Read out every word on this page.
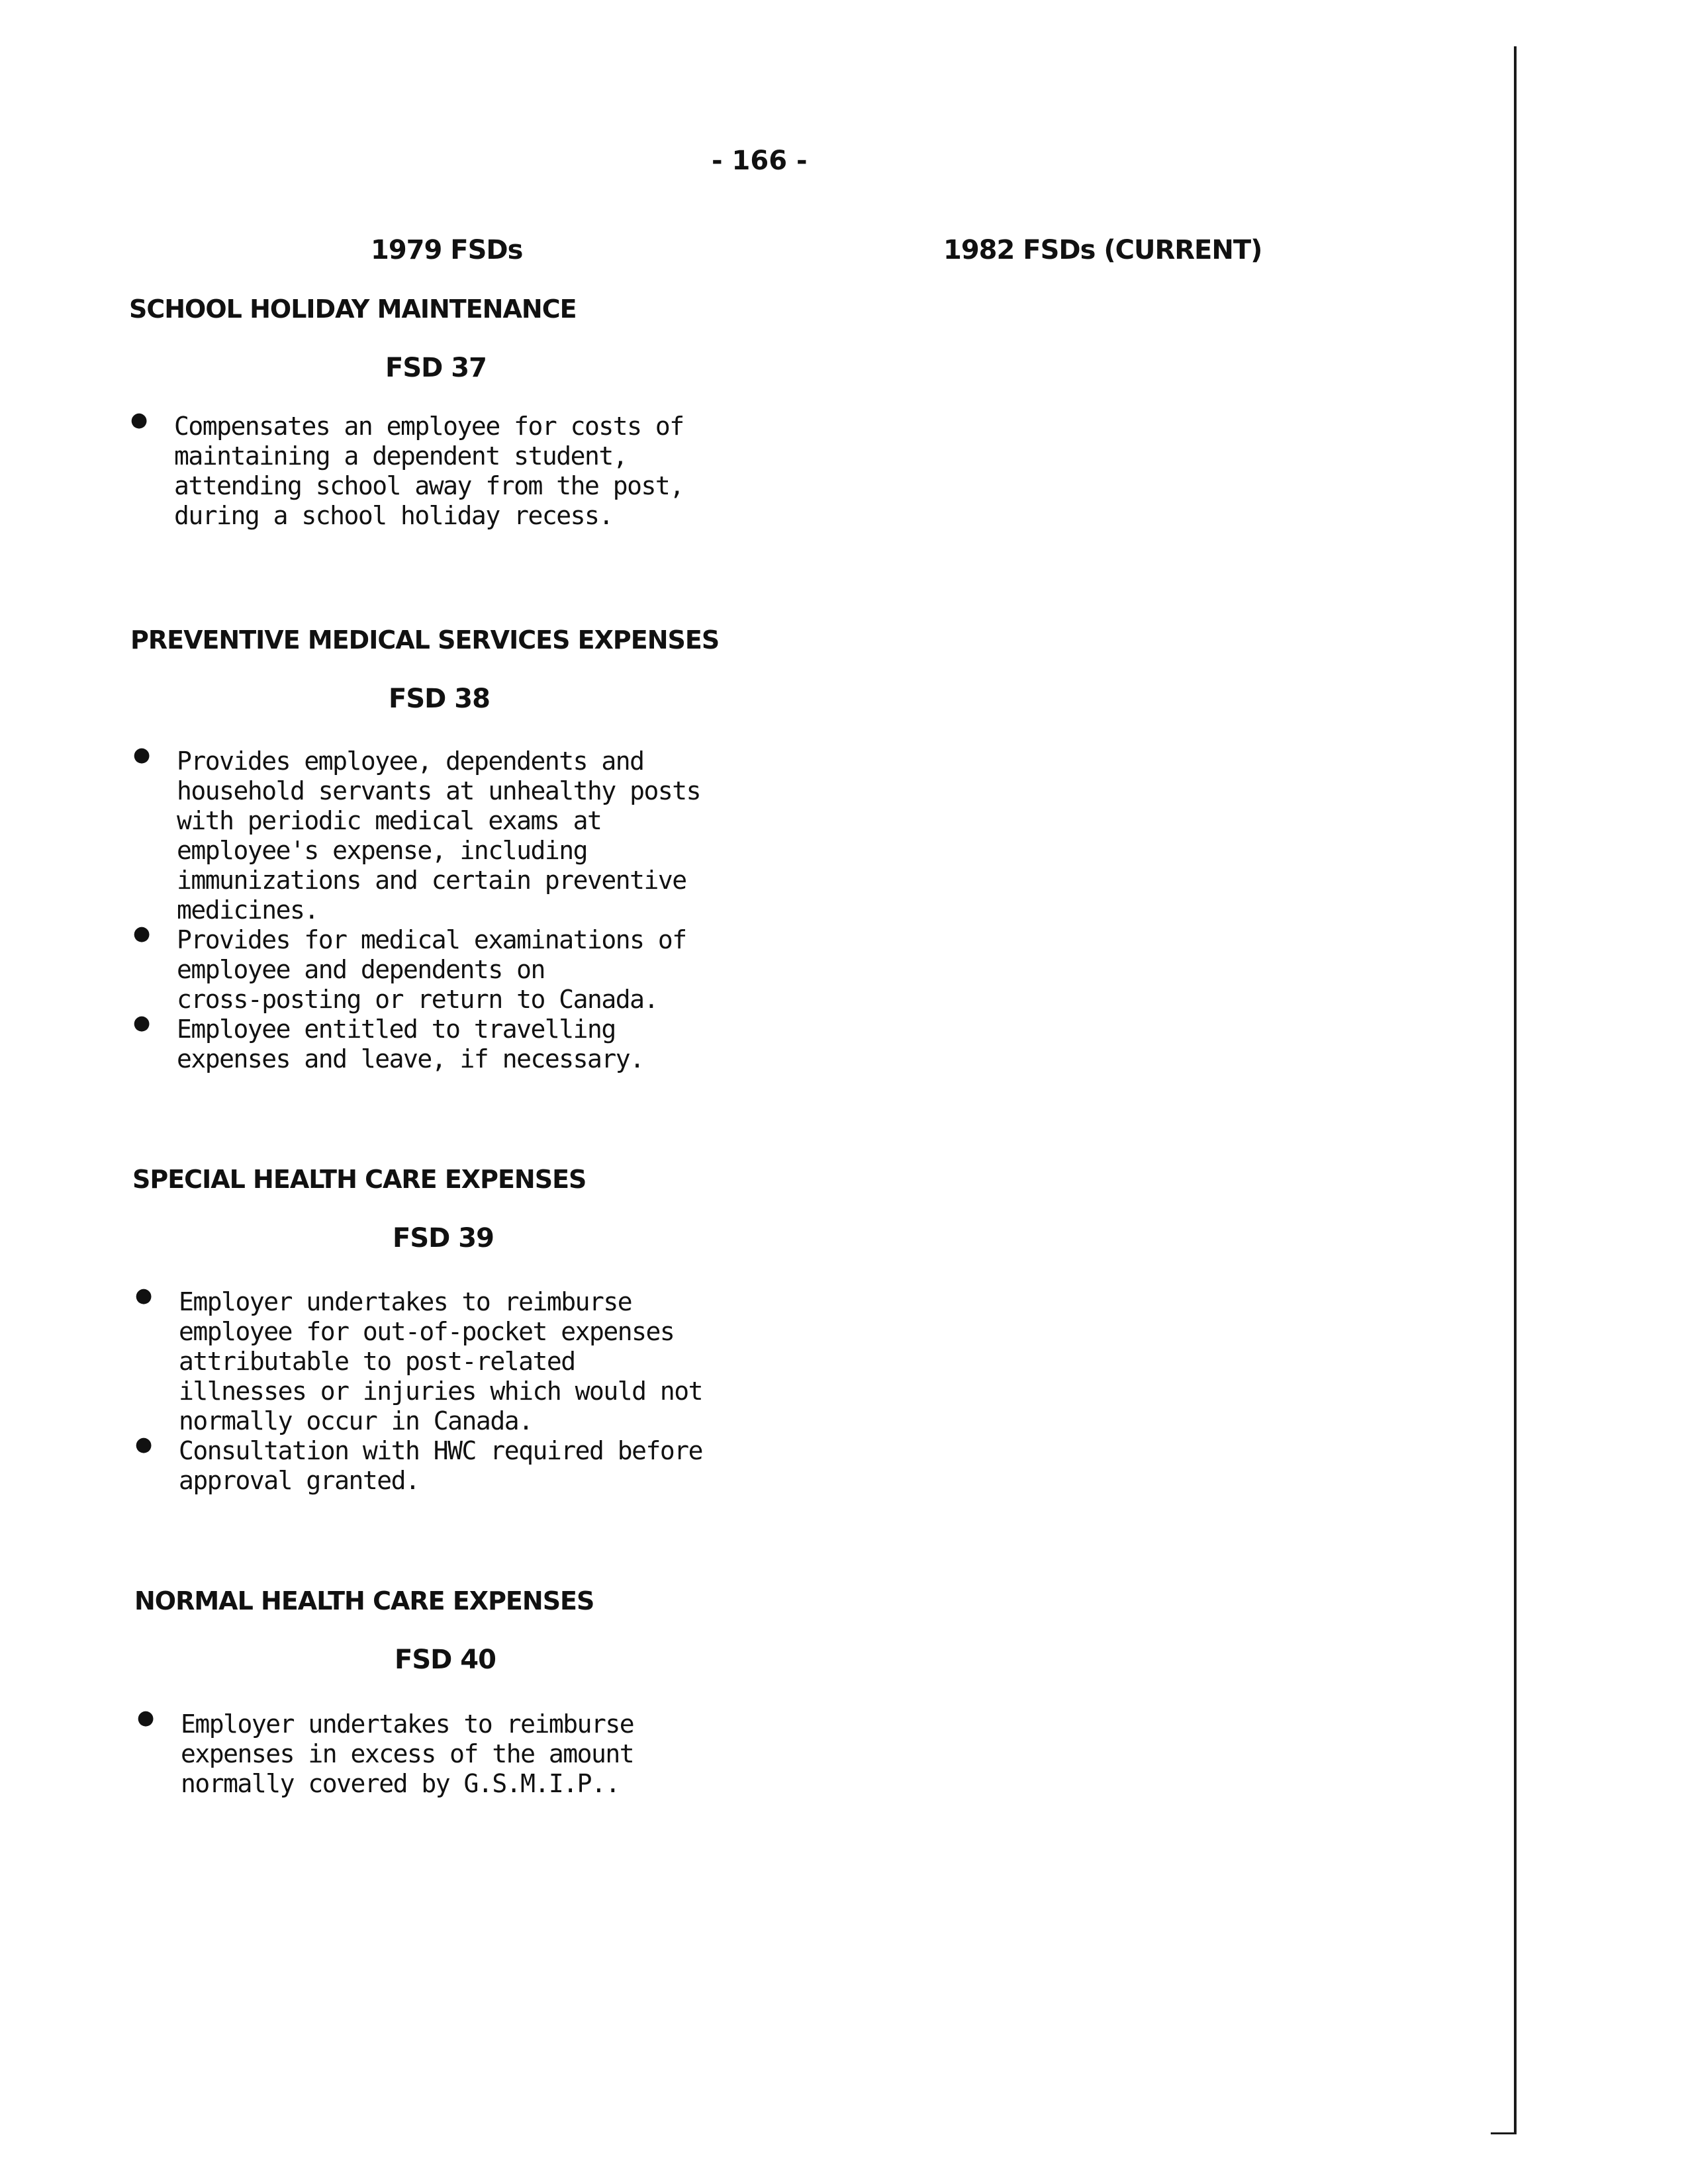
- 166 -
1979 FSDs	1982 FSDs (CURRENT)
SCHOOL HOLIDAY MAINTENANCE
FSD 37
● Compensates an employee for costs of
maintaining a dependent student,
attending school away from the post,
during a school holiday recess.
PREVENTIVE MEDICAL SERVICES EXPENSES
FSD 38
● Provides employee, dependents and
household servants at unhealthy posts
with periodic medical exams at
employee's expense, including
immunizations and certain preventive
medicines.
● Provides for medical examinations of
employee and dependents on
cross-posting or return to Canada.
● Employee entitled to travelling
expenses and leave, if necessary.
SPECIAL HEALTH CARE EXPENSES
FSD 39
● Employer undertakes to reimburse
employee for out-of-pocket expenses
attributable to post-related
illnesses or injuries which would not
normally occur in Canada.
● Consultation with HWC required before
approval granted.
NORMAL HEALTH CARE EXPENSES
FSD 40
● Employer undertakes to reimburse
expenses in excess of the amount
normally covered by G.S.M.I.P..
